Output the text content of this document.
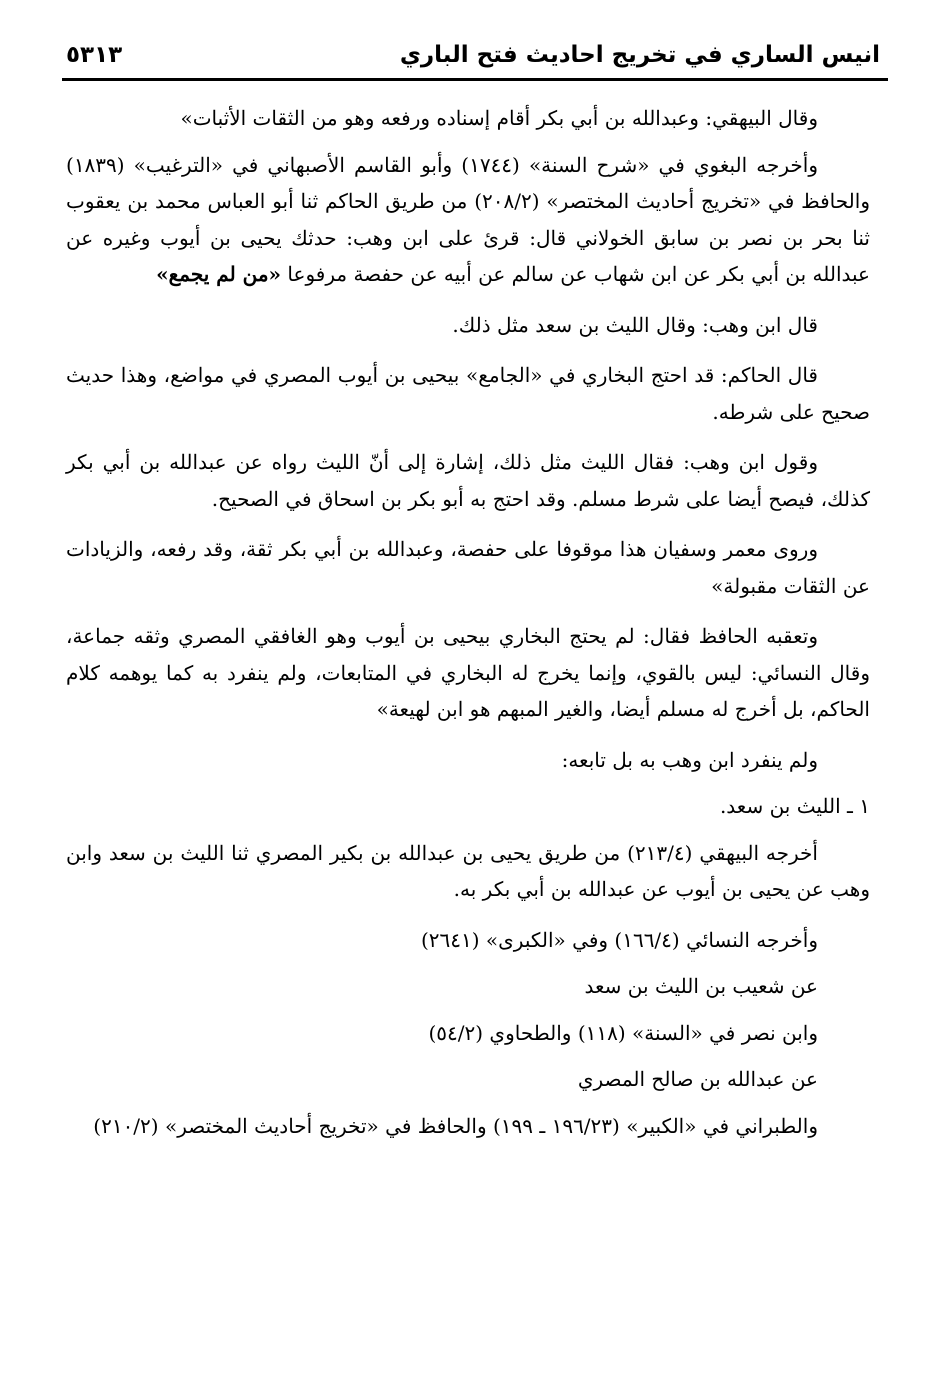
انيس الساري في تخريج احاديث فتح الباري
٥٣١٣

وقال البيهقي: وعبدالله بن أبي بكر أقام إسناده ورفعه وهو من الثقات الأثبات»

وأخرجه البغوي في «شرح السنة» (١٧٤٤) وأبو القاسم الأصبهاني في «الترغيب» (١٨٣٩) والحافظ في «تخريج أحاديث المختصر» (٢٠٨/٢) من طريق الحاكم ثنا أبو العباس محمد بن يعقوب ثنا بحر بن نصر بن سابق الخولاني قال: قرئ على ابن وهب: حدثك يحيى بن أيوب وغيره عن عبدالله بن أبي بكر عن ابن شهاب عن سالم عن أبيه عن حفصة مرفوعا «من لم يجمع»

قال ابن وهب: وقال الليث بن سعد مثل ذلك.

قال الحاكم: قد احتج البخاري في «الجامع» بيحيى بن أيوب المصري في مواضع، وهذا حديث صحيح على شرطه.

وقول ابن وهب: فقال الليث مثل ذلك، إشارة إلى أنّ الليث رواه عن عبدالله بن أبي بكر كذلك، فيصح أيضا على شرط مسلم. وقد احتج به أبو بكر بن اسحاق في الصحيح.

وروى معمر وسفيان هذا موقوفا على حفصة، وعبدالله بن أبي بكر ثقة، وقد رفعه، والزيادات عن الثقات مقبولة»

وتعقبه الحافظ فقال: لم يحتج البخاري بيحيى بن أيوب وهو الغافقي المصري وثقه جماعة، وقال النسائي: ليس بالقوي، وإنما يخرج له البخاري في المتابعات، ولم ينفرد به كما يوهمه كلام الحاكم، بل أخرج له مسلم أيضا، والغير المبهم هو ابن لهيعة»

ولم ينفرد ابن وهب به بل تابعه:

١ ـ الليث بن سعد.

أخرجه البيهقي (٢١٣/٤) من طريق يحيى بن عبدالله بن بكير المصري ثنا الليث بن سعد وابن وهب عن يحيى بن أيوب عن عبدالله بن أبي بكر به.

وأخرجه النسائي (١٦٦/٤) وفي «الكبرى» (٢٦٤١)

عن شعيب بن الليث بن سعد

وابن نصر في «السنة» (١١٨) والطحاوي (٥٤/٢)

عن عبدالله بن صالح المصري

والطبراني في «الكبير» (١٩٦/٢٣ ـ ١٩٩) والحافظ في «تخريج أحاديث المختصر» (٢١٠/٢)
